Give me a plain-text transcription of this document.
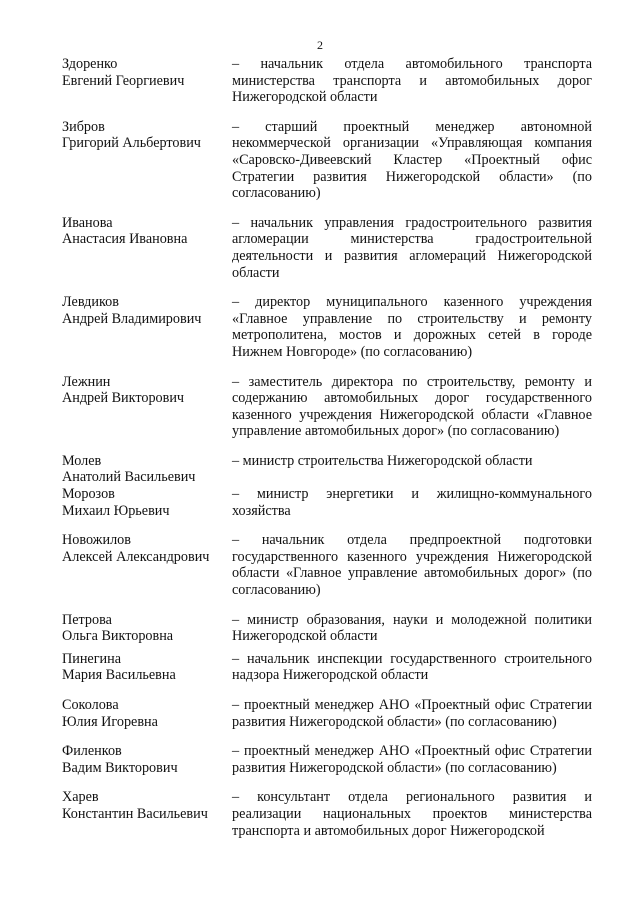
2
Здоренко
Евгений Георгиевич
– начальник отдела автомобильного транспорта министерства транспорта и автомобильных дорог Нижегородской области
Зибров
Григорий Альбертович
– старший проектный менеджер автономной некоммерческой организации «Управляющая компания «Саровско-Дивеевский Кластер «Проектный офис Стратегии развития Нижегородской области» (по согласованию)
Иванова
Анастасия Ивановна
– начальник управления градостроительного развития агломерации министерства градостроительной деятельности и развития агломераций Нижегородской области
Левдиков
Андрей Владимирович
– директор муниципального казенного учреждения «Главное управление по строительству и ремонту метрополитена, мостов и дорожных сетей в городе Нижнем Новгороде» (по согласованию)
Лежнин
Андрей Викторович
– заместитель директора по строительству, ремонту и содержанию автомобильных дорог государственного казенного учреждения Нижегородской области «Главное управление автомобильных дорог» (по согласованию)
Молев
Анатолий Васильевич
– министр строительства Нижегородской области
Морозов
Михаил Юрьевич
– министр энергетики и жилищно-коммунального хозяйства
Новожилов
Алексей Александрович
– начальник отдела предпроектной подготовки государственного казенного учреждения Нижегородской области «Главное управление автомобильных дорог» (по согласованию)
Петрова
Ольга Викторовна
– министр образования, науки и молодежной политики Нижегородской области
Пинегина
Мария Васильевна
– начальник инспекции государственного строительного надзора Нижегородской области
Соколова
Юлия Игоревна
– проектный менеджер АНО «Проектный офис Стратегии развития Нижегородской области» (по согласованию)
Филенков
Вадим Викторович
– проектный менеджер АНО «Проектный офис Стратегии развития Нижегородской области» (по согласованию)
Харев
Константин Васильевич
– консультант отдела регионального развития и реализации национальных проектов министерства транспорта и автомобильных дорог Нижегородской
